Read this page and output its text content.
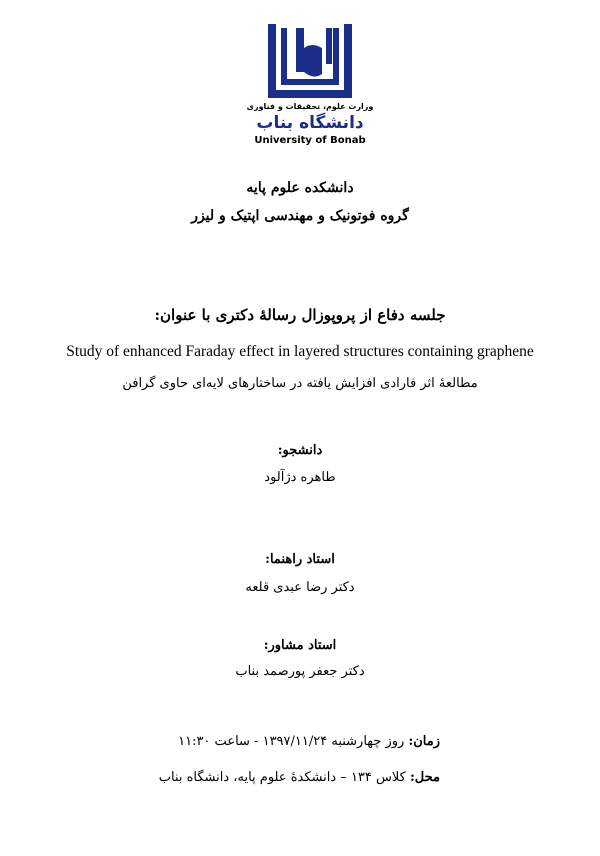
وزارت علوم، تحقیقات و فناوری
دانشگاه بناب
University of Bonab
دانشکده علوم پایه
گروه فوتونیک و مهندسی اپتیک و لیزر
جلسه دفاع از پروپوزال رسالۀ دکتری با عنوان:
Study of enhanced Faraday effect in layered structures containing graphene
مطالعۀ اثر فارادی افزایش یافته در ساختارهای لایه‌ای حاوی گرافن
دانشجو:
طاهره دژآلود
استاد راهنما:
دکتر رضا عبدی قلعه
استاد مشاور:
دکتر جعفر پورصمد بناب
زمان: روز چهارشنبه ۱۳۹۷/۱۱/۲۴ - ساعت ۱۱:۳۰
محل: کلاس ۱۳۴ – دانشکدۀ علوم پایه، دانشگاه بناب
